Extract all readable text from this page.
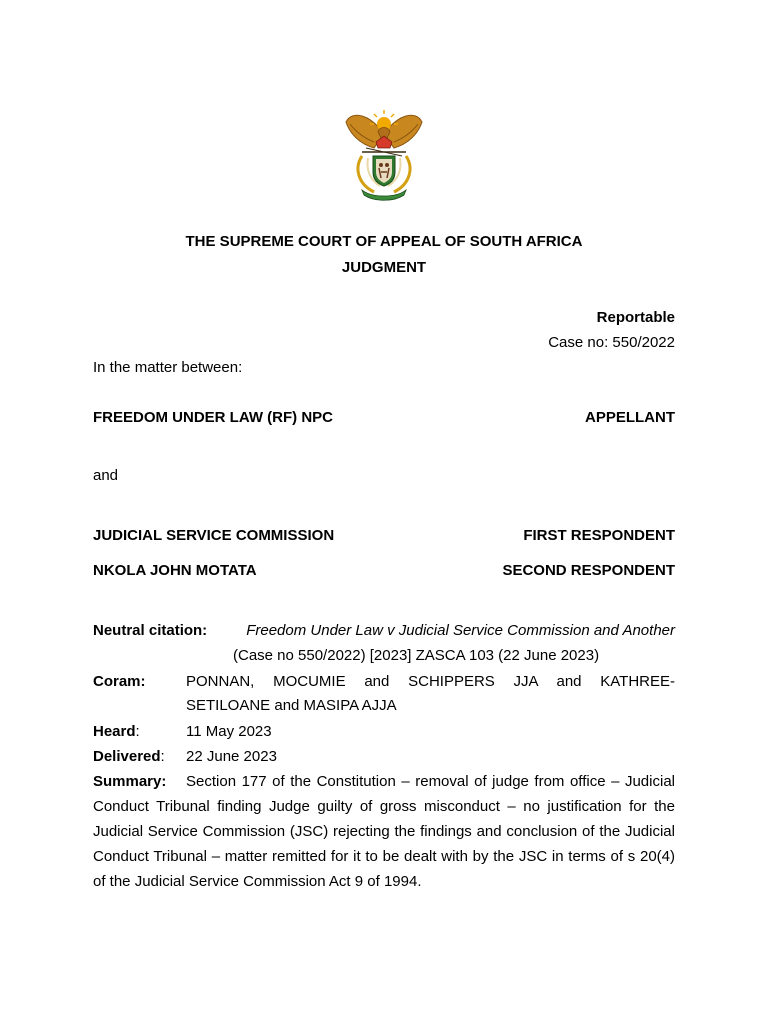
THE SUPREME COURT OF APPEAL OF SOUTH AFRICA
JUDGMENT
Reportable
Case no: 550/2022
In the matter between:
FREEDOM UNDER LAW (RF) NPC	APPELLANT
and
JUDICIAL SERVICE COMMISSION	FIRST RESPONDENT
NKOLA JOHN MOTATA	SECOND RESPONDENT
Neutral citation:	Freedom Under Law v Judicial Service Commission and Another
(Case no 550/2022) [2023] ZASCA 103 (22 June 2023)
Coram:	PONNAN, MOCUMIE and SCHIPPERS JJA and KATHREE-
SETILOANE and MASIPA AJJA
Heard:	11 May 2023
Delivered: 22 June 2023
Summary: Section 177 of the Constitution – removal of judge from office – Judicial Conduct Tribunal finding Judge guilty of gross misconduct – no justification for the Judicial Service Commission (JSC) rejecting the findings and conclusion of the Judicial Conduct Tribunal – matter remitted for it to be dealt with by the JSC in terms of s 20(4) of the Judicial Service Commission Act 9 of 1994.
